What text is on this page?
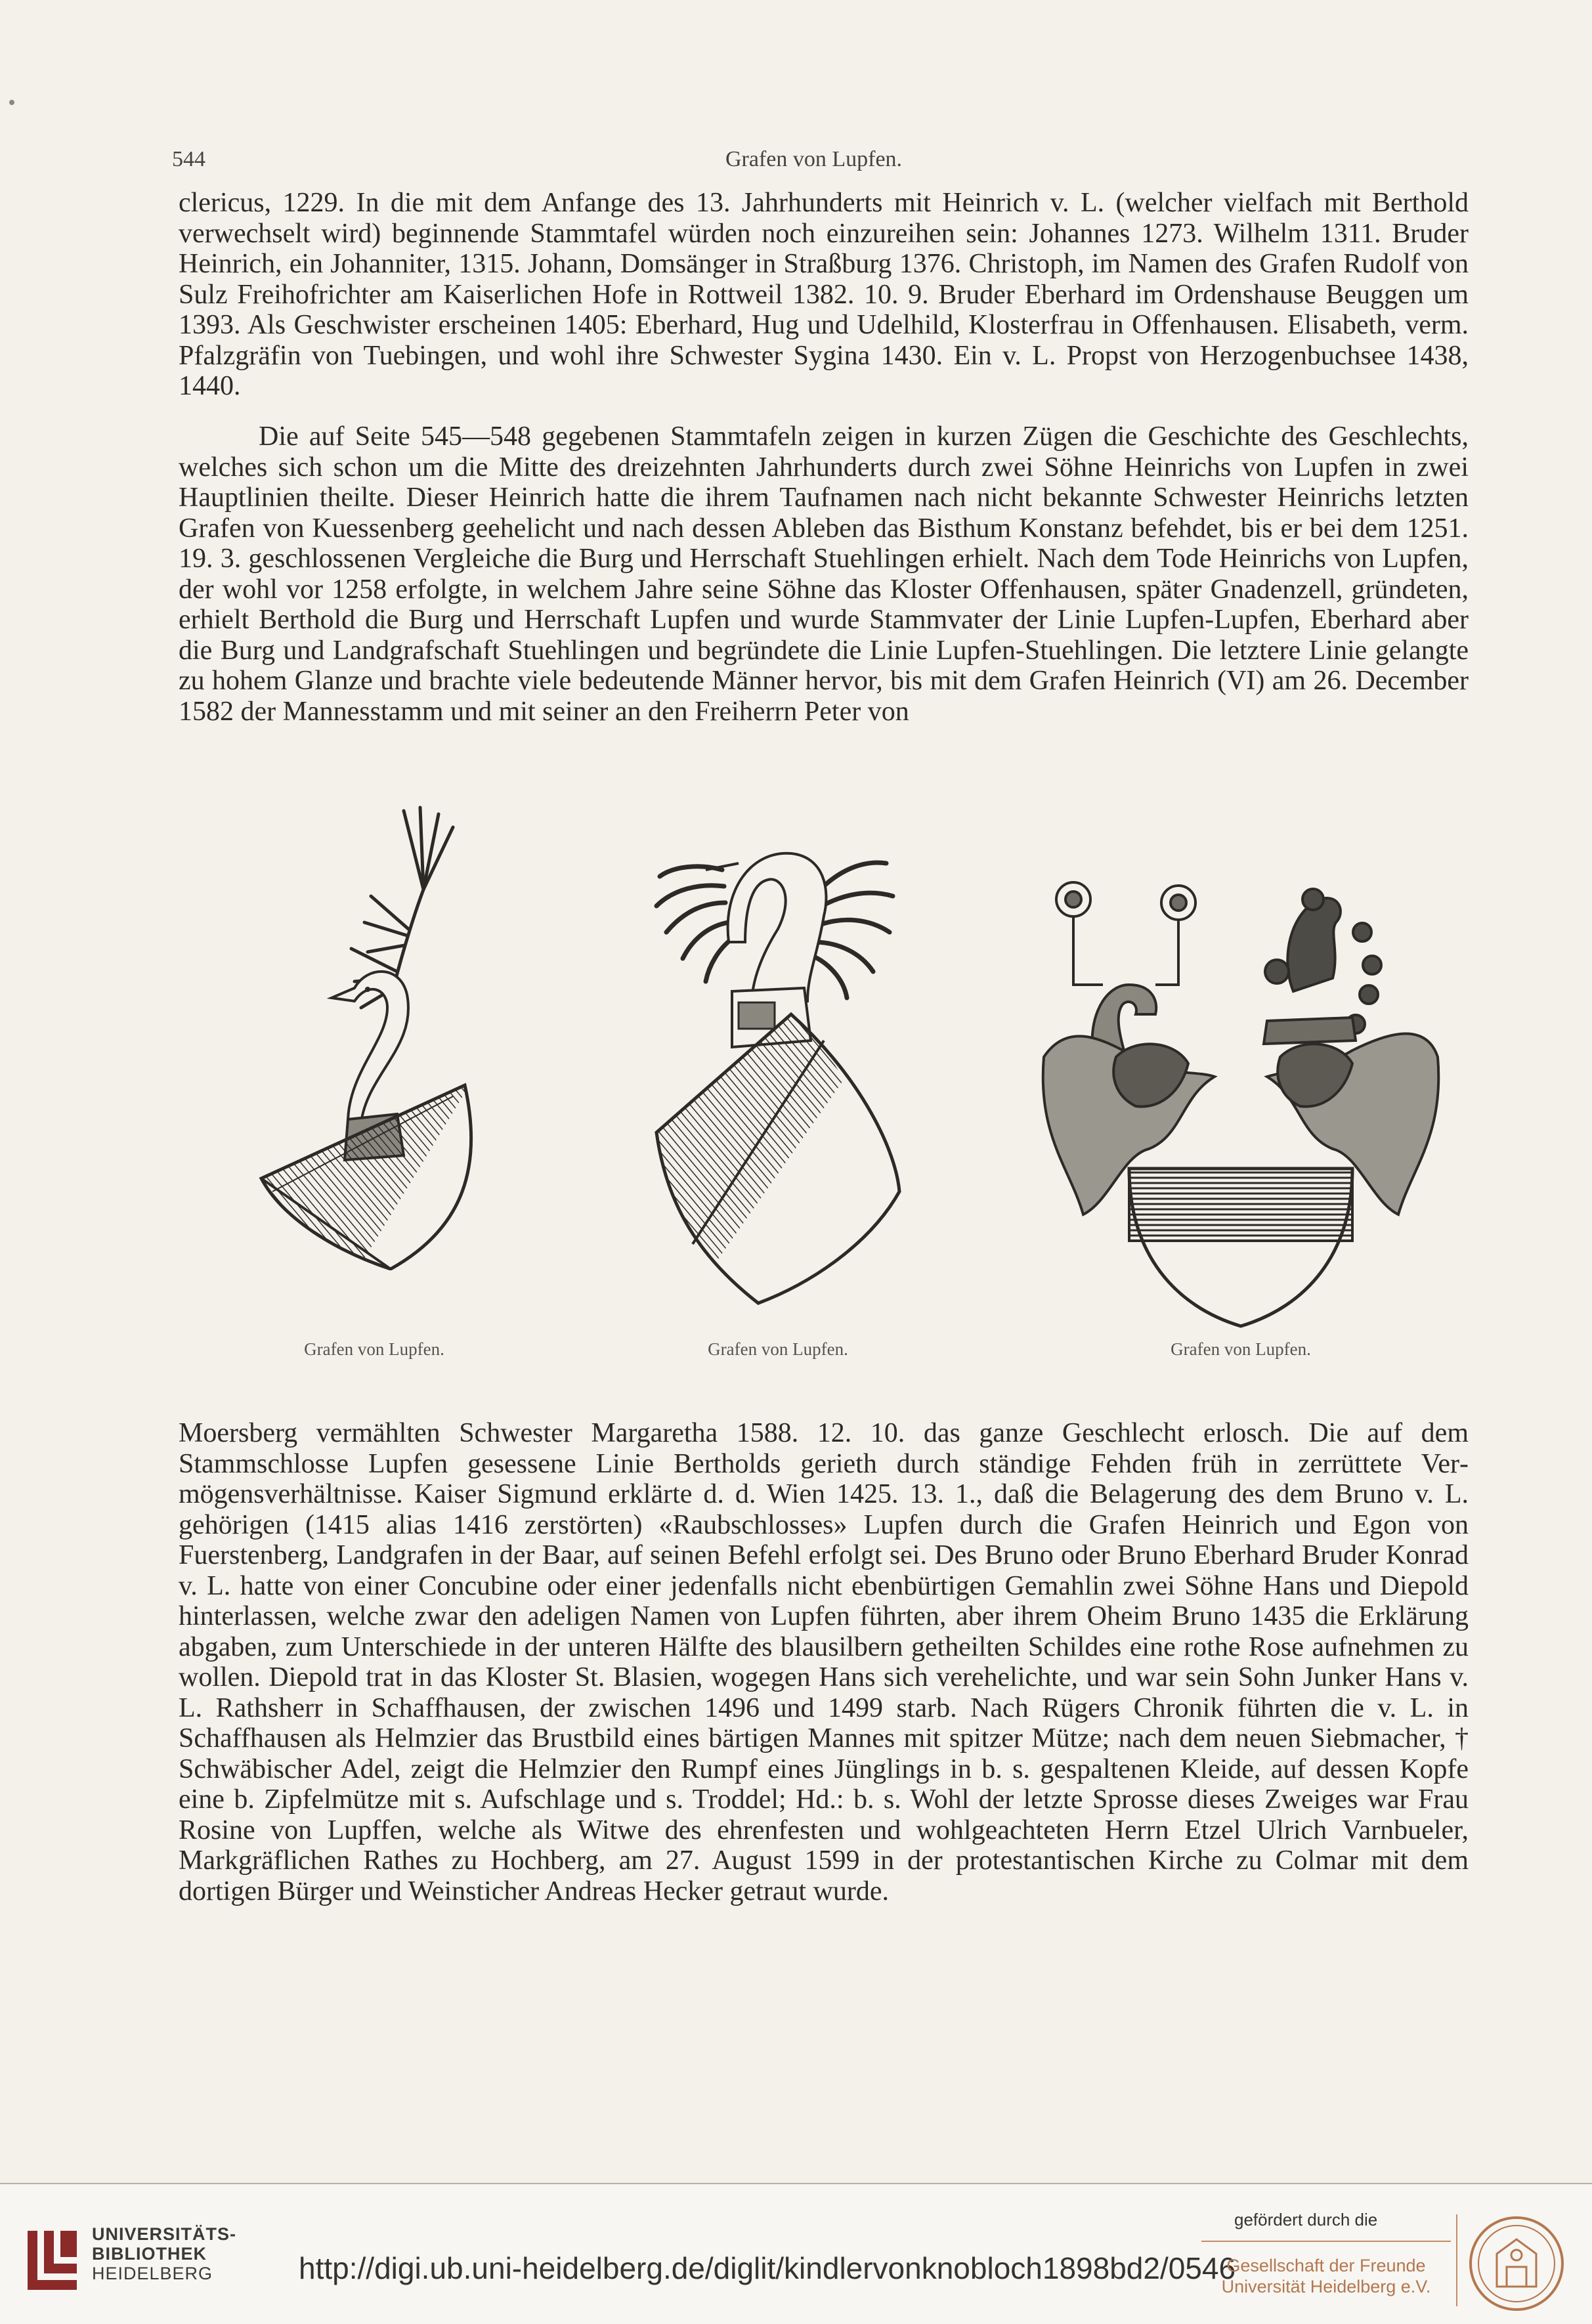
544	Grafen von Lupfen.
clericus, 1229. In die mit dem Anfange des 13. Jahrhunderts mit Heinrich v. L. (welcher vielfach mit Berthold verwechselt wird) beginnende Stammtafel würden noch einzureihen sein: Johannes 1273. Wilhelm 1311. Bruder Heinrich, ein Johanniter, 1315. Johann, Domsänger in Straßburg 1376. Christoph, im Namen des Grafen Rudolf von Sulz Freihofrichter am Kaiserlichen Hofe in Rottweil 1382. 10. 9. Bruder Eberhard im Ordenshause Beuggen um 1393. Als Geschwister erscheinen 1405: Eberhard, Hug und Udelhild, Klosterfrau in Offenhausen. Elisabeth, verm. Pfalzgräfin von Tuebingen, und wohl ihre Schwester Sygina 1430. Ein v. L. Propst von Herzogenbuchsee 1438, 1440.
Die auf Seite 545—548 gegebenen Stammtafeln zeigen in kurzen Zügen die Geschichte des Geschlechts, welches sich schon um die Mitte des dreizehnten Jahrhunderts durch zwei Söhne Heinrichs von Lupfen in zwei Hauptlinien theilte. Dieser Heinrich hatte die ihrem Taufnamen nach nicht bekannte Schwester Heinrichs letzten Grafen von Kuessenberg geehelicht und nach dessen Ableben das Bisthum Konstanz befehdet, bis er bei dem 1251. 19. 3. geschlossenen Vergleiche die Burg und Herrschaft Stuehlingen erhielt. Nach dem Tode Heinrichs von Lupfen, der wohl vor 1258 erfolgte, in welchem Jahre seine Söhne das Kloster Offenhausen, später Gnadenzell, gründeten, erhielt Berthold die Burg und Herrschaft Lupfen und wurde Stammvater der Linie Lupfen-Lupfen, Eberhard aber die Burg und Landgrafschaft Stuehlingen und begründete die Linie Lupfen-Stuehlingen. Die letztere Linie gelangte zu hohem Glanze und brachte viele bedeutende Männer hervor, bis mit dem Grafen Heinrich (VI) am 26. December 1582 der Mannesstamm und mit seiner an den Freiherrn Peter von
Grafen von Lupfen.	Grafen von Lupfen.	Grafen von Lupfen.
Moersberg vermählten Schwester Margaretha 1588. 12. 10. das ganze Geschlecht erlosch. Die auf dem Stammschlosse Lupfen gesessene Linie Bertholds gerieth durch ständige Fehden früh in zerrüttete Vermögensverhältnisse. Kaiser Sigmund erklärte d. d. Wien 1425. 13. 1., daß die Belagerung des dem Bruno v. L. gehörigen (1415 alias 1416 zerstörten) «Raubschlosses» Lupfen durch die Grafen Heinrich und Egon von Fuerstenberg, Landgrafen in der Baar, auf seinen Befehl erfolgt sei. Des Bruno oder Bruno Eberhard Bruder Konrad v. L. hatte von einer Concubine oder einer jedenfalls nicht ebenbürtigen Gemahlin zwei Söhne Hans und Diepold hinterlassen, welche zwar den adeligen Namen von Lupfen führten, aber ihrem Oheim Bruno 1435 die Erklärung abgaben, zum Unterschiede in der unteren Hälfte des blausilbern getheilten Schildes eine rothe Rose aufnehmen zu wollen. Diepold trat in das Kloster St. Blasien, wogegen Hans sich verehelichte, und war sein Sohn Junker Hans v. L. Rathsherr in Schaffhausen, der zwischen 1496 und 1499 starb. Nach Rügers Chronik führten die v. L. in Schaffhausen als Helmzier das Brustbild eines bärtigen Mannes mit spitzer Mütze; nach dem neuen Siebmacher, † Schwäbischer Adel, zeigt die Helmzier den Rumpf eines Jünglings in b. s. gespaltenen Kleide, auf dessen Kopfe eine b. Zipfelmütze mit s. Aufschlage und s. Troddel; Hd.: b. s. Wohl der letzte Sprosse dieses Zweiges war Frau Rosine von Lupffen, welche als Witwe des ehrenfesten und wohlgeachteten Herrn Etzel Ulrich Varnbueler, Markgräflichen Rathes zu Hochberg, am 27. August 1599 in der protestantischen Kirche zu Colmar mit dem dortigen Bürger und Weinsticher Andreas Hecker getraut wurde.
UNIVERSITÄTS-
BIBLIOTHEK
HEIDELBERG	http://digi.ub.uni-heidelberg.de/diglit/kindlervonknobloch1898bd2/0546
gefördert durch die
Gesellschaft der Freunde
Universität Heidelberg e.V.
